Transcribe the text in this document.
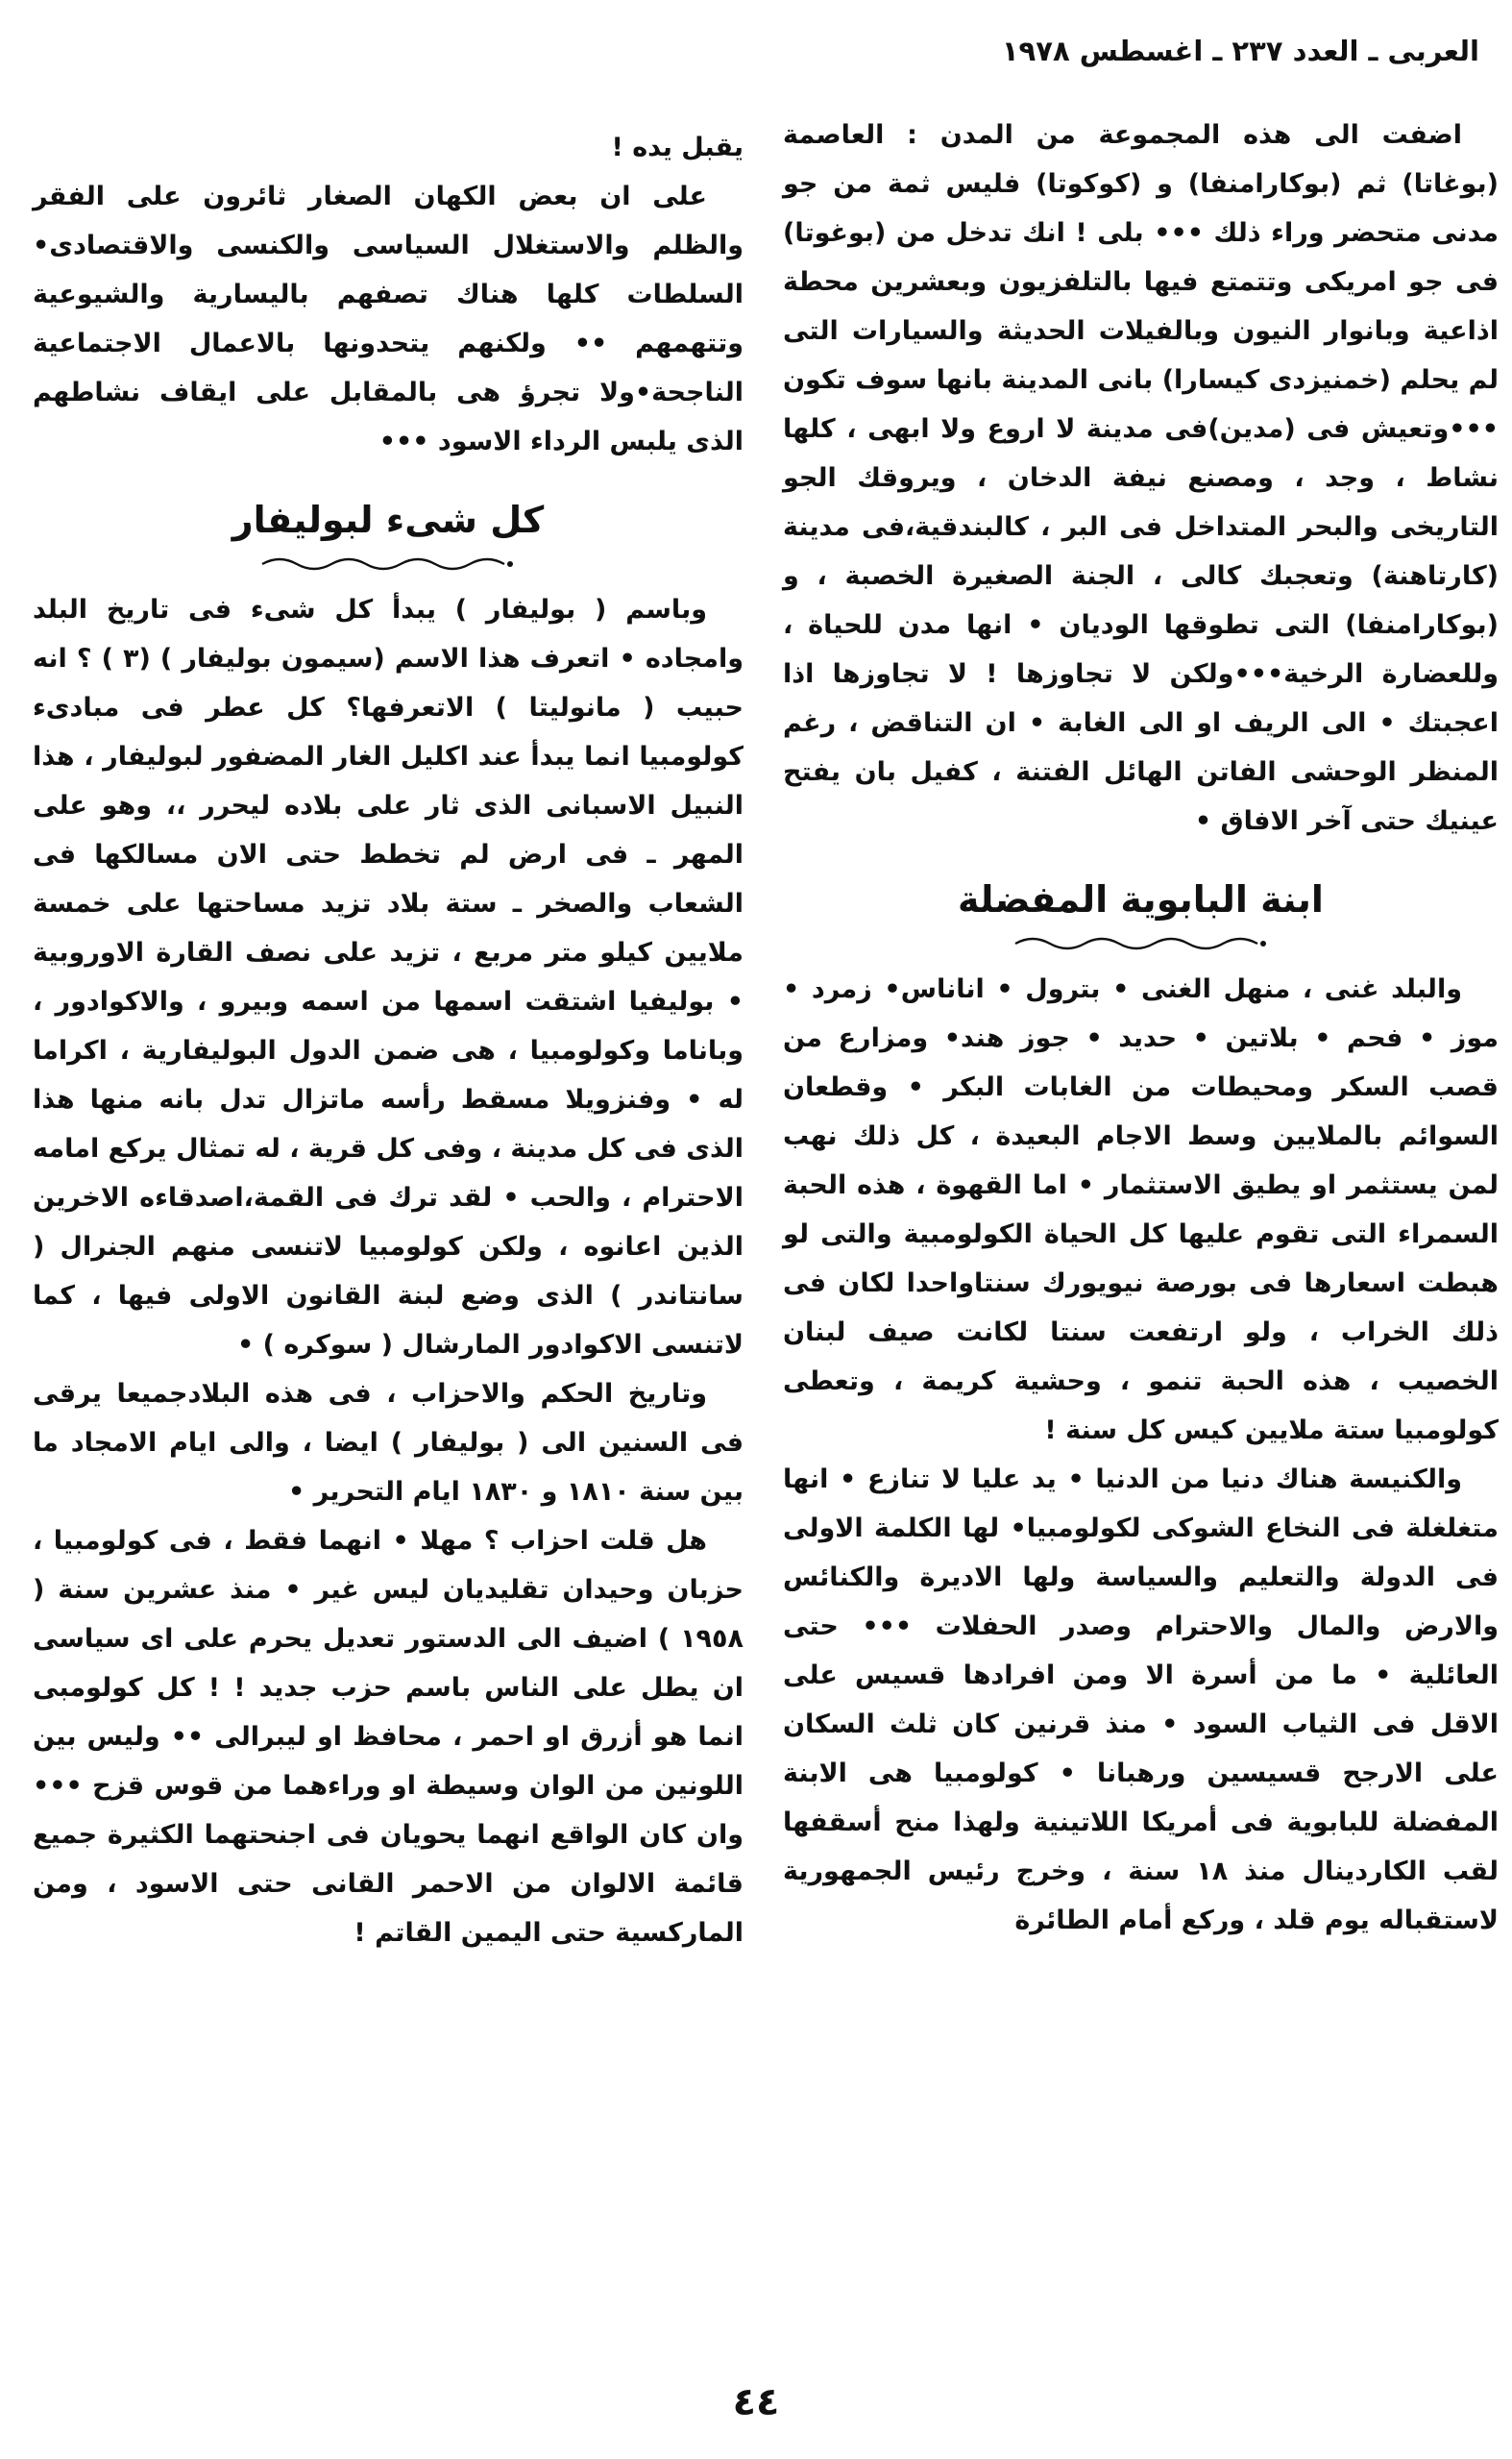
العربى ـ العدد ٢٣٧ ـ اغسطس ١٩٧٨

اضفت الى هذه المجموعة من المدن : العاصمة (بوغاتا) ثم (بوكارامنفا) و (كوكوتا) فليس ثمة من جو مدنى متحضر وراء ذلك ••• بلى ! انك تدخل من (بوغوتا) فى جو امريكى وتتمتع فيها بالتلفزيون وبعشرين محطة اذاعية وبانوار النيون وبالفيلات الحديثة والسيارات التى لم يحلم (خمنيزدى كيسارا) بانى المدينة بانها سوف تكون •••وتعيش فى (مدين)فى مدينة لا اروع ولا ابهى ، كلها نشاط ، وجد ، ومصنع نيفة الدخان ، ويروقك الجو التاريخى والبحر المتداخل فى البر ، كالبندقية،فى مدينة (كارتاهنة) وتعجبك كالى ، الجنة الصغيرة الخصبة ، و (بوكارامنفا) التى تطوقها الوديان • انها مدن للحياة ، وللعضارة الرخية•••ولكن لا تجاوزها ! لا تجاوزها اذا اعجبتك • الى الريف او الى الغابة • ان التناقض ، رغم المنظر الوحشى الفاتن الهائل الفتنة ، كفيل بان يفتح عينيك حتى آخر الافاق •

ابنة البابوية المفضلة

والبلد غنى ، منهل الغنى • بترول • اناناس• زمرد • موز • فحم • بلاتين • حديد • جوز هند• ومزارع من قصب السكر ومحيطات من الغابات البكر • وقطعان السوائم بالملايين وسط الاجام البعيدة ، كل ذلك نهب لمن يستثمر او يطيق الاستثمار • اما القهوة ، هذه الحبة السمراء التى تقوم عليها كل الحياة الكولومبية والتى لو هبطت اسعارها فى بورصة نيويورك سنتاواحدا لكان فى ذلك الخراب ، ولو ارتفعت سنتا لكانت صيف لبنان الخصيب ، هذه الحبة تنمو ، وحشية كريمة ، وتعطى كولومبيا ستة ملايين كيس كل سنة !

والكنيسة هناك دنيا من الدنيا • يد عليا لا تنازع • انها متغلغلة فى النخاع الشوكى لكولومبيا• لها الكلمة الاولى فى الدولة والتعليم والسياسة ولها الاديرة والكنائس والارض والمال والاحترام وصدر الحفلات ••• حتى العائلية • ما من أسرة الا ومن افرادها قسيس على الاقل فى الثياب السود • منذ قرنين كان ثلث السكان على الارجح قسيسين ورهبانا • كولومبيا هى الابنة المفضلة للبابوية فى أمريكا اللاتينية ولهذا منح أسقفها لقب الكاردينال منذ ١٨ سنة ، وخرج رئيس الجمهورية لاستقباله يوم قلد ، وركع أمام الطائرة

يقبل يده !

على ان بعض الكهان الصغار ثائرون على الفقر والظلم والاستغلال السياسى والكنسى والاقتصادى• السلطات كلها هناك تصفهم باليسارية والشيوعية وتتهمهم •• ولكنهم يتحدونها بالاعمال الاجتماعية الناجحة•ولا تجرؤ هى بالمقابل على ايقاف نشاطهم الذى يلبس الرداء الاسود •••

كل شىء لبوليفار

وباسم ( بوليفار ) يبدأ كل شىء فى تاريخ البلد وامجاده • اتعرف هذا الاسم (سيمون بوليفار ) (٣ ) ؟ انه حبيب ( مانوليتا ) الاتعرفها؟ كل عطر فى مبادىء كولومبيا انما يبدأ عند اكليل الغار المضفور لبوليفار ، هذا النبيل الاسبانى الذى ثار على بلاده ليحرر ،، وهو على المهر ـ فى ارض لم تخطط حتى الان مسالكها فى الشعاب والصخر ـ ستة بلاد تزيد مساحتها على خمسة ملايين كيلو متر مربع ، تزيد على نصف القارة الاوروبية • بوليفيا اشتقت اسمها من اسمه وبيرو ، والاكوادور ، وباناما وكولومبيا ، هى ضمن الدول البوليفارية ، اكراما له • وفنزويلا مسقط رأسه ماتزال تدل بانه منها هذا الذى فى كل مدينة ، وفى كل قرية ، له تمثال يركع امامه الاحترام ، والحب • لقد ترك فى القمة،اصدقاءه الاخرين الذين اعانوه ، ولكن كولومبيا لاتنسى منهم الجنرال ( سانتاندر ) الذى وضع لبنة القانون الاولى فيها ، كما لاتنسى الاكوادور المارشال ( سوكره ) •

وتاريخ الحكم والاحزاب ، فى هذه البلادجميعا يرقى فى السنين الى ( بوليفار ) ايضا ، والى ايام الامجاد ما بين سنة ١٨١٠ و ١٨٣٠ ايام التحرير •

هل قلت احزاب ؟ مهلا • انهما فقط ، فى كولومبيا ، حزبان وحيدان تقليديان ليس غير • منذ عشرين سنة ( ١٩٥٨ ) اضيف الى الدستور تعديل يحرم على اى سياسى ان يطل على الناس باسم حزب جديد ! ! كل كولومبى انما هو أزرق او احمر ، محافظ او ليبرالى •• وليس بين اللونين من الوان وسيطة او وراءهما من قوس قزح ••• وان كان الواقع انهما يحويان فى اجنحتهما الكثيرة جميع قائمة الالوان من الاحمر القانى حتى الاسود ، ومن الماركسية حتى اليمين القاتم !

٤٤
